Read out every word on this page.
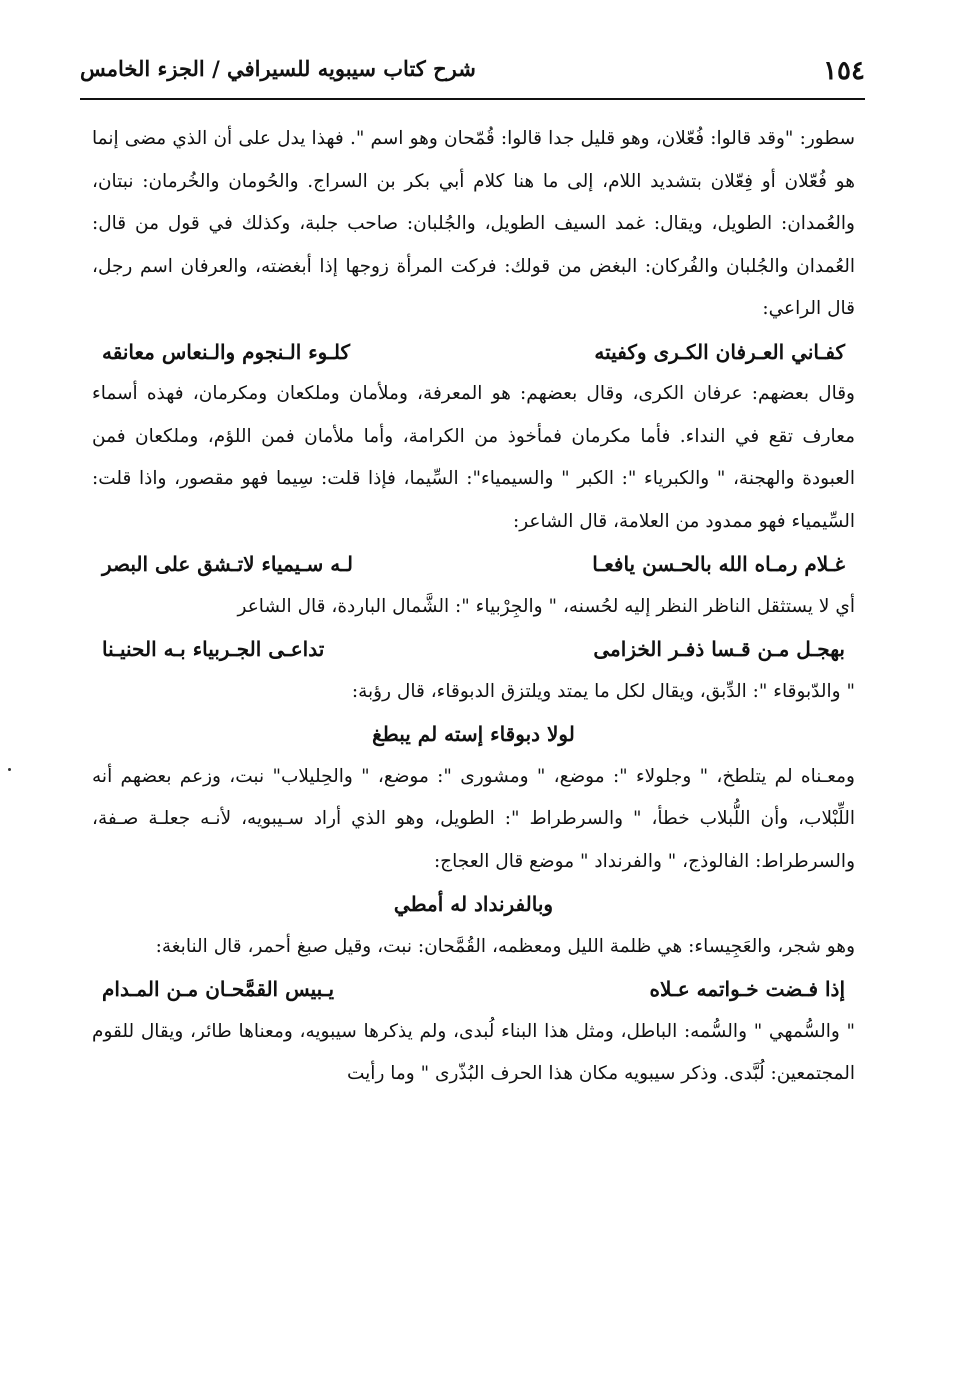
١٥٤
شرح كتاب سيبويه للسيرافي / الجزء الخامس

سطور: "وقد قالوا: فُعّلان، وهو قليل جدا قالوا: قُمّحان وهو اسم ". فهذا يدل على أن الذي مضى إنما هو فُعّلان أو فِعّلان بتشديد اللام، إلى ما هنا كلام أبي بكر بن السراج. والحُومان والخُرمان: نبتان، والعُمدان: الطويل، ويقال: غمد السيف الطويل، والجُلبان: صاحب جلبة، وكذلك في قول من قال: العُمدان والجُلبان والفُركان: البغض من قولك: فركت المرأة زوجها إذا أبغضته، والعرفان اسم رجل، قال الراعي:

كفـاني العـرفان الكـرى وكفيته
كلـوء الـنجوم والـنعاس معانقه

وقال بعضهم: عرفان الكرى، وقال بعضهم: هو المعرفة، وملأمان وملكعان ومكرمان، فهذه أسماء معارف تقع في النداء. فأما مكرمان فمأخوذ من الكرامة، وأما ملأمان فمن اللؤم، وملكعان فمن العبودة والهجنة، " والكبرياء ": الكبر " والسيمياء": السِّيما، فإذا قلت: سِيما فهو مقصور، واذا قلت: السِّيمياء فهو ممدود من العلامة، قال الشاعر:

غـلام رمـاه الله بالحـسن يافعـا
لـه سـيمياء لاتـشق على البصر

أي لا يستثقل الناظر النظر إليه لحُسنه، " والجِرْبياء ": الشَّمال الباردة، قال الشاعر

بهجـل مـن قـسا ذفـر الخزامى
تداعـى الجـربياء بـه الحنيـنا

" والدّبوقاء ": الدِّبق، ويقال لكل ما يمتد ويلتزق الدبوقاء، قال رؤبة:

لولا دبوقاء إسته لم يبطغ

ومعـناه لم يتلطخ، " وجلولاء ": موضع، " ومشورى ": موضع، " والحِليلاب" نبت، وزعم بعضهم أنه اللِّبْلاب، وأن اللُّبلاب خطأ، " والسرطراط ": الطويل، وهو الذي أراد سـيبويه، لأنـه جعلـة صـفة، والسرطراط: الفالوذج، " والفرنداد " موضع قال العجاج:

وبالفرنداد له أمطي

وهو شجر، والعَجِيساء: هي ظلمة الليل ومعظمه، القُمَّحان: نبت، وقيل صبغ أحمر، قال النابغة:

إذا فـضت خـواتمه عـلاه
يـبيس القمَّحـان مـن المـدام

" والسُّمهي " والسُّمه: الباطل، ومثل هذا البناء لُبدى، ولم يذكرها سيبويه، ومعناها طائر، ويقال للقوم المجتمعين: لُبَّدى. وذكر سيبويه مكان هذا الحرف البُذّرى " وما رأيت
